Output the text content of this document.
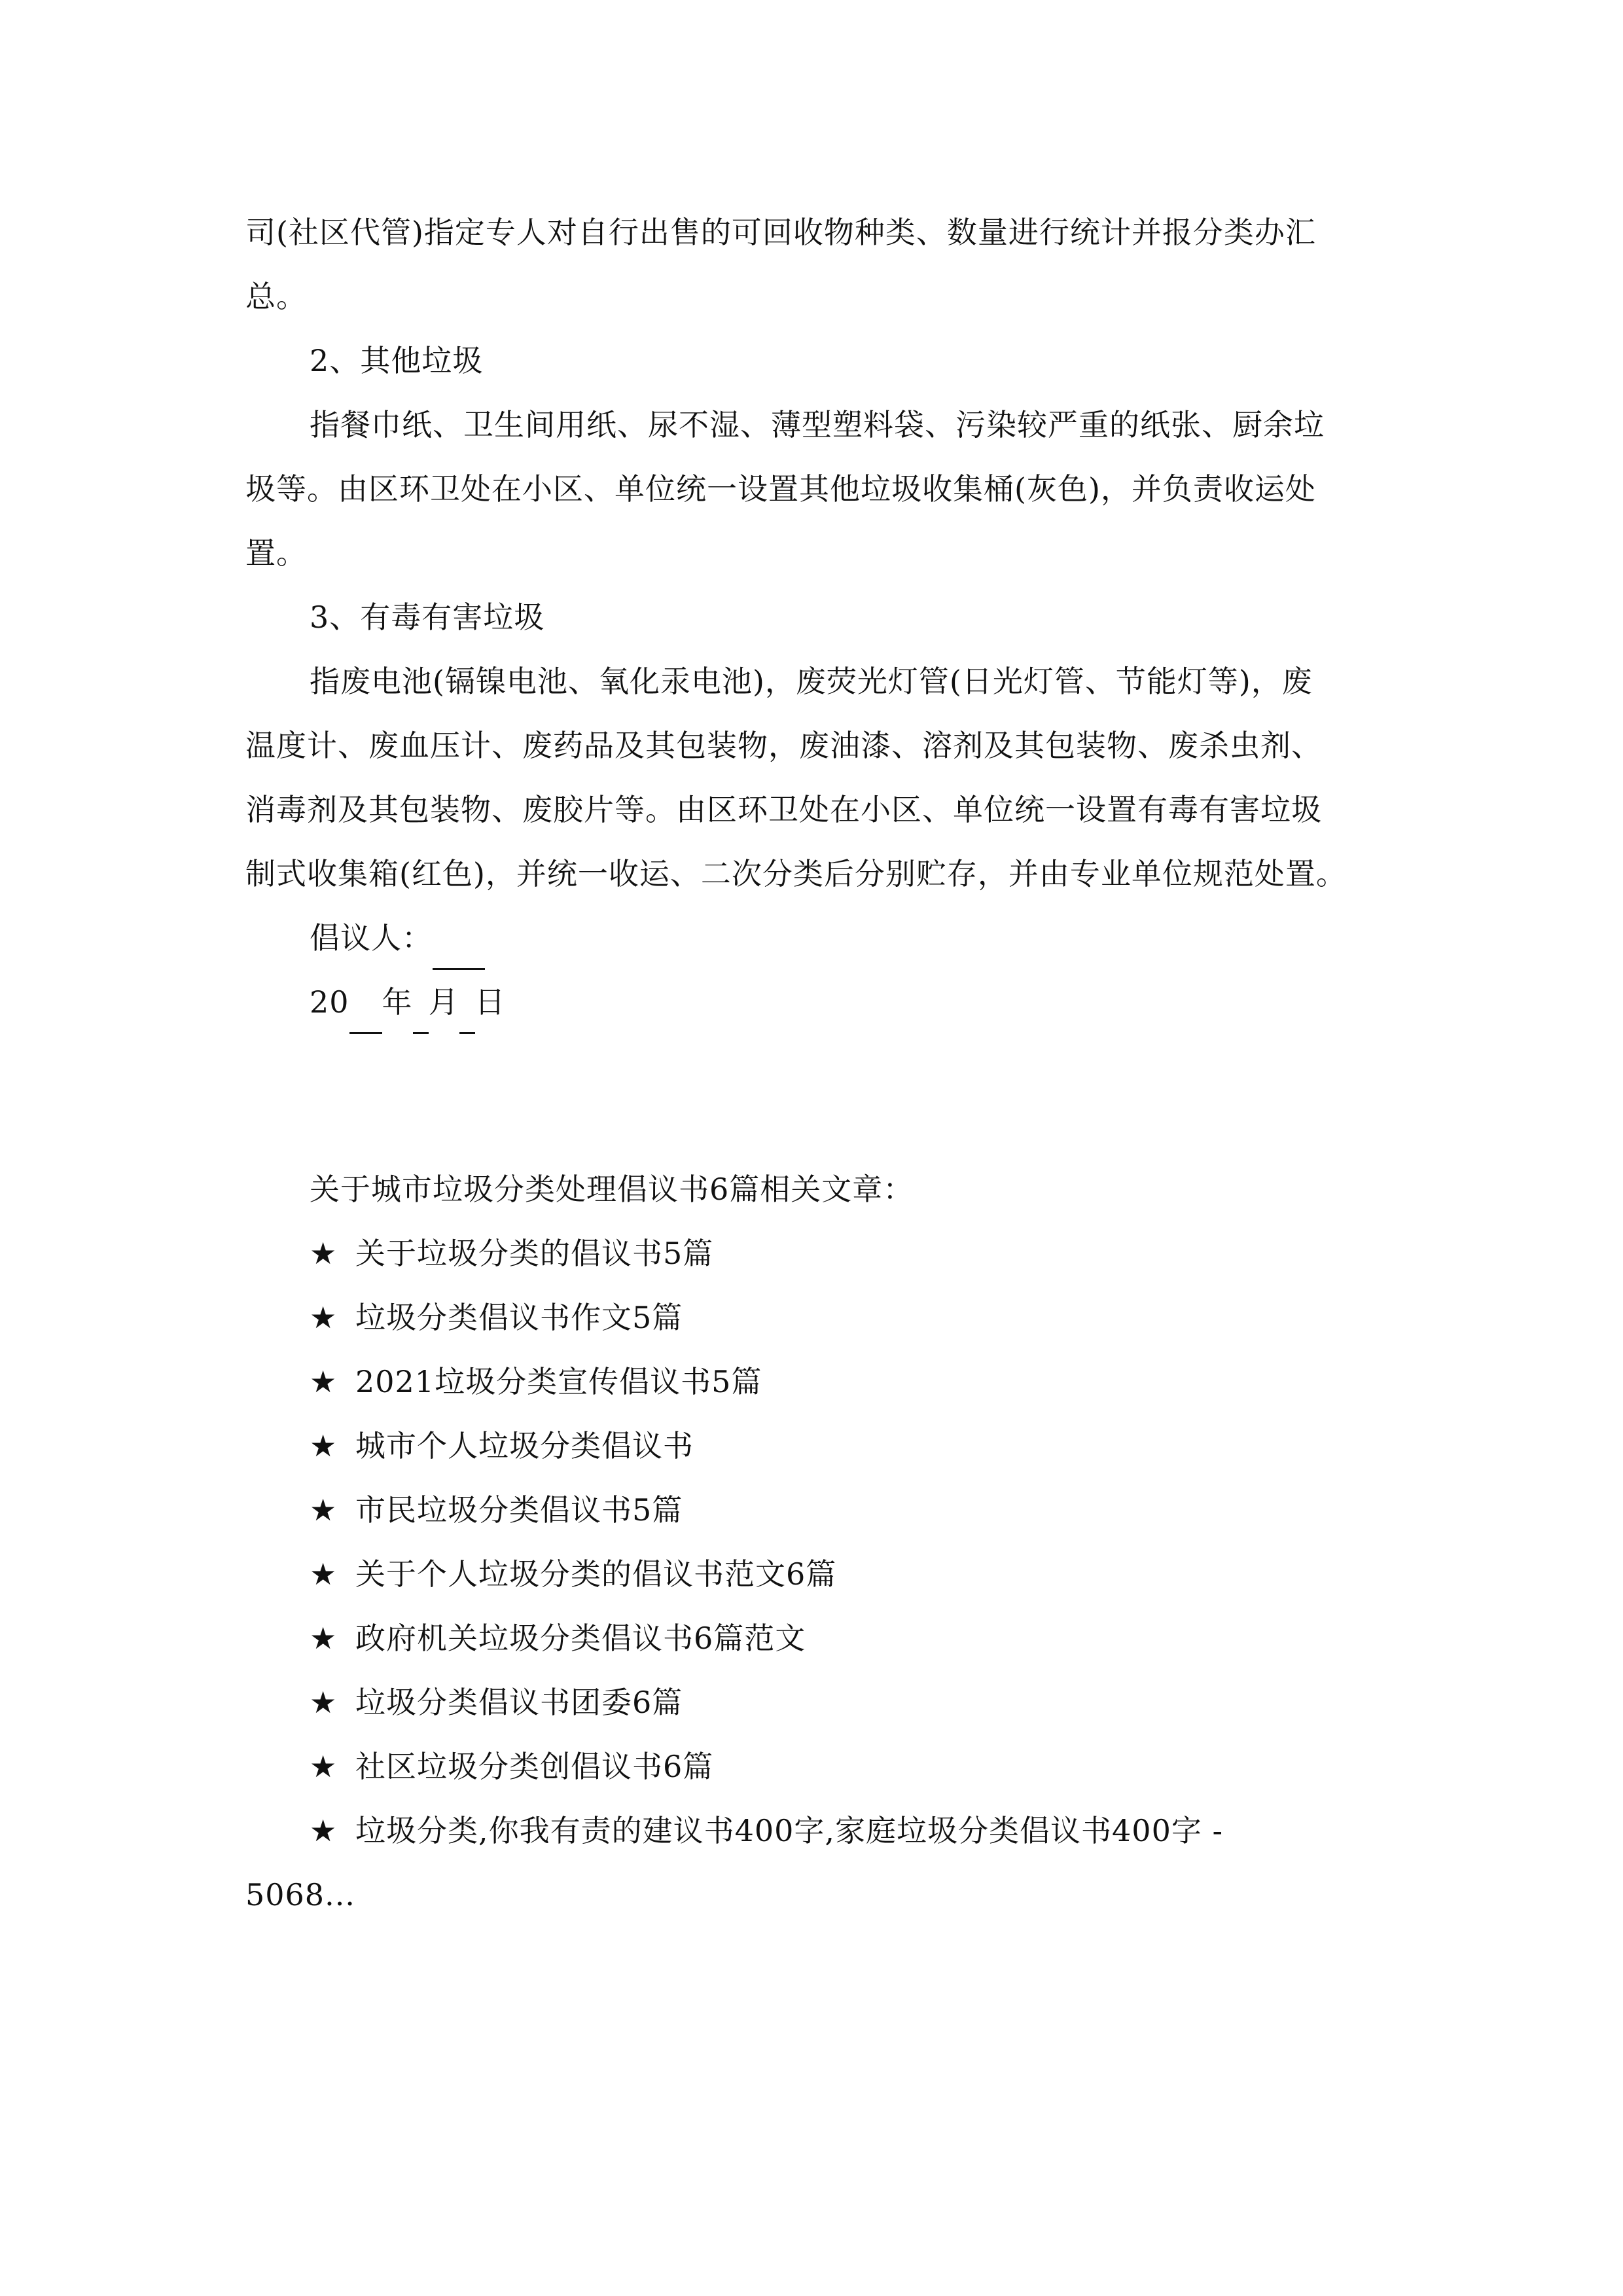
司(社区代管)指定专人对自行出售的可回收物种类、数量进行统计并报分类办汇
总。
2、其他垃圾
指餐巾纸、卫生间用纸、尿不湿、薄型塑料袋、污染较严重的纸张、厨余垃
圾等。由区环卫处在小区、单位统一设置其他垃圾收集桶(灰色)，并负责收运处
置。
3、有毒有害垃圾
指废电池(镉镍电池、氧化汞电池)，废荧光灯管(日光灯管、节能灯等)，废
温度计、废血压计、废药品及其包装物，废油漆、溶剂及其包装物、废杀虫剂、
消毒剂及其包装物、废胶片等。由区环卫处在小区、单位统一设置有毒有害垃圾
制式收集箱(红色)，并统一收运、二次分类后分别贮存，并由专业单位规范处置。
倡议人：
20 年 月 日
关于城市垃圾分类处理倡议书6篇相关文章：
★ 关于垃圾分类的倡议书5篇
★ 垃圾分类倡议书作文5篇
★ 2021垃圾分类宣传倡议书5篇
★ 城市个人垃圾分类倡议书
★ 市民垃圾分类倡议书5篇
★ 关于个人垃圾分类的倡议书范文6篇
★ 政府机关垃圾分类倡议书6篇范文
★ 垃圾分类倡议书团委6篇
★ 社区垃圾分类创倡议书6篇
★ 垃圾分类,你我有责的建议书400字,家庭垃圾分类倡议书400字 -
5068...
